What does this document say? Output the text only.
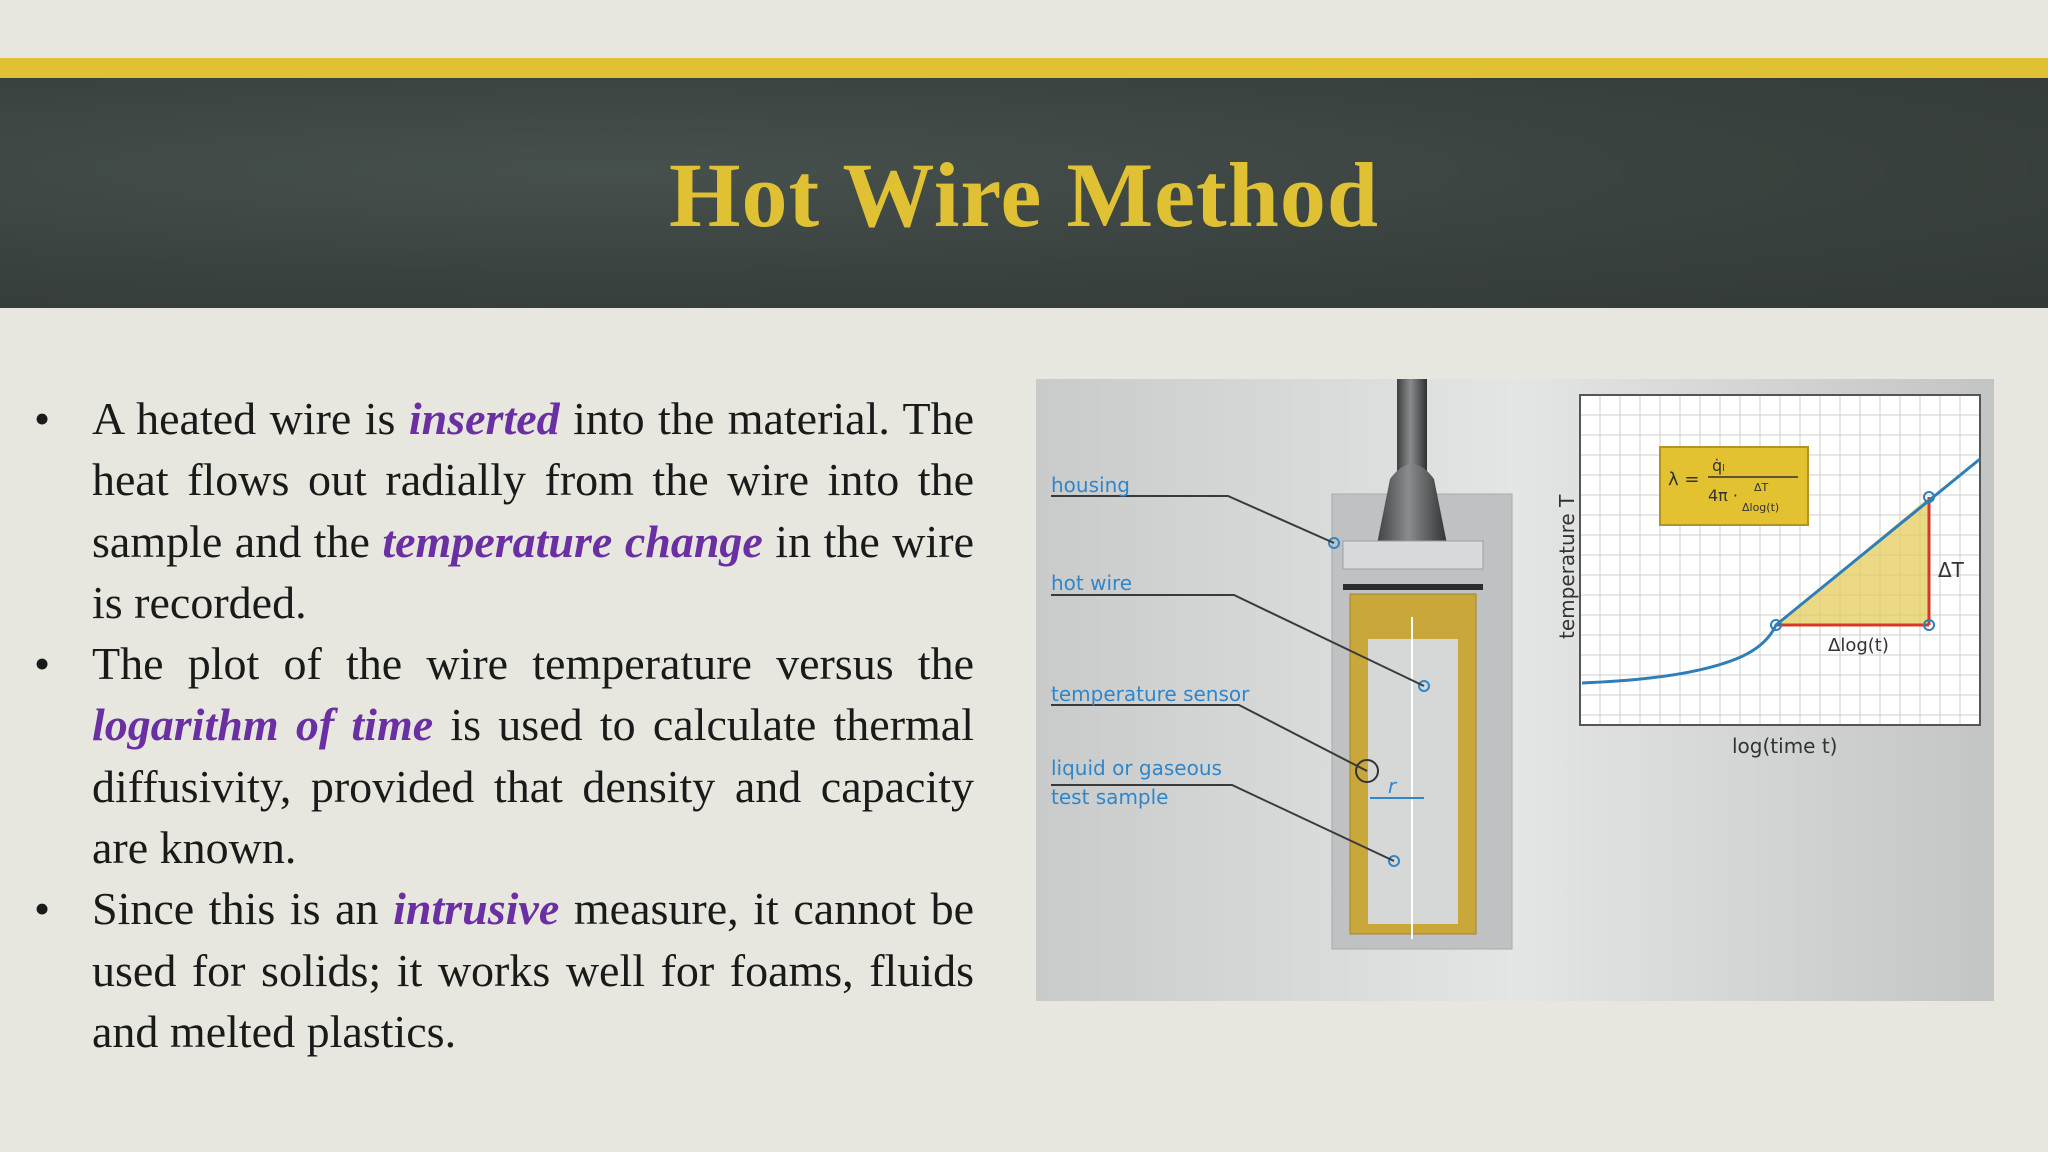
Hot Wire Method
• A heated wire is inserted into the material. The heat flows out radially from the wire into the sample and the temperature change in the wire is recorded.
• The plot of the wire temperature versus the logarithm of time is used to calculate thermal diffusivity, provided that density and capacity are known.
• Since this is an intrusive measure, it cannot be used for solids; it works well for foams, fluids and melted plastics.
housing
hot wire
temperature sensor
liquid or gaseous
test sample	r
λ =
q̇ₗ
4π · ΔT
Δlog(t)
ΔT
Δlog(t)
log(time t)
temperature T
